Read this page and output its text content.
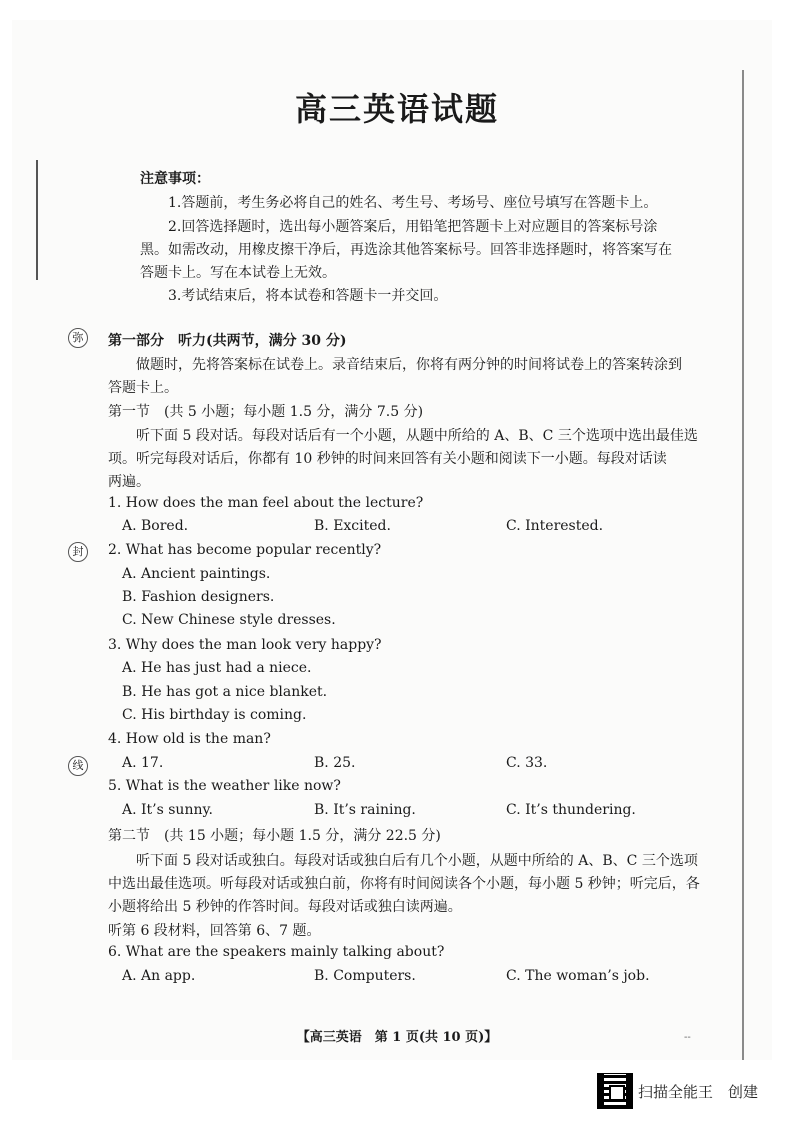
弥
封
线
高三英语试题
注意事项：
1.答题前，考生务必将自己的姓名、考生号、考场号、座位号填写在答题卡上。
2.回答选择题时，选出每小题答案后，用铅笔把答题卡上对应题目的答案标号涂
黑。如需改动，用橡皮擦干净后，再选涂其他答案标号。回答非选择题时，将答案写在
答题卡上。写在本试卷上无效。
3.考试结束后，将本试卷和答题卡一并交回。
第一部分　听力(共两节，满分 30 分)
做题时，先将答案标在试卷上。录音结束后，你将有两分钟的时间将试卷上的答案转涂到
答题卡上。
第一节　(共 5 小题；每小题 1.5 分，满分 7.5 分)
听下面 5 段对话。每段对话后有一个小题，从题中所给的 A、B、C 三个选项中选出最佳选
项。听完每段对话后，你都有 10 秒钟的时间来回答有关小题和阅读下一小题。每段对话读
两遍。
1. How does the man feel about the lecture?
A. Bored.	B. Excited.	C. Interested.
2. What has become popular recently?
A. Ancient paintings.
B. Fashion designers.
C. New Chinese style dresses.
3. Why does the man look very happy?
A. He has just had a niece.
B. He has got a nice blanket.
C. His birthday is coming.
4. How old is the man?
A. 17.	B. 25.	C. 33.
5. What is the weather like now?
A. It’s sunny.	B. It’s raining.	C. It’s thundering.
第二节　(共 15 小题；每小题 1.5 分，满分 22.5 分)
听下面 5 段对话或独白。每段对话或独白后有几个小题，从题中所给的 A、B、C 三个选项
中选出最佳选项。听每段对话或独白前，你将有时间阅读各个小题，每小题 5 秒钟；听完后，各
小题将给出 5 秒钟的作答时间。每段对话或独白读两遍。
听第 6 段材料，回答第 6、7 题。
6. What are the speakers mainly talking about?
A. An app.	B. Computers.	C. The woman’s job.
【高三英语　第 1 页(共 10 页)】	--
扫描全能王　创建
